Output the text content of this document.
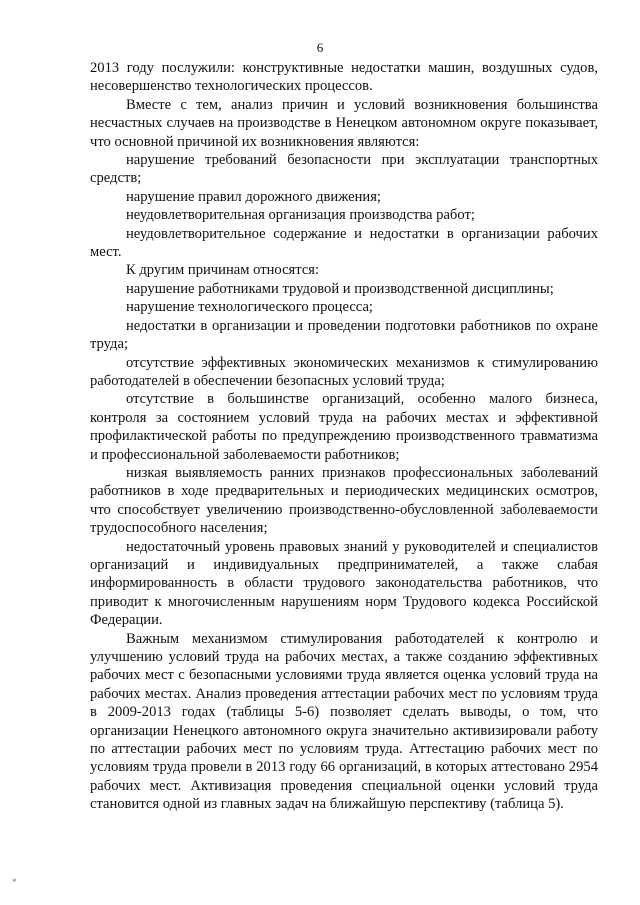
6

2013 году послужили: конструктивные недостатки машин, воздушных судов, несовершенство технологических процессов.

Вместе с тем, анализ причин и условий возникновения большинства несчастных случаев на производстве в Ненецком автономном округе показывает, что основной причиной их возникновения являются:

нарушение требований безопасности при эксплуатации транспортных средств;

нарушение правил дорожного движения;

неудовлетворительная организация производства работ;

неудовлетворительное содержание и недостатки в организации рабочих мест.

К другим причинам относятся:

нарушение работниками трудовой и производственной дисциплины;

нарушение технологического процесса;

недостатки в организации и проведении подготовки работников по охране труда;

отсутствие эффективных экономических механизмов к стимулированию работодателей в обеспечении безопасных условий труда;

отсутствие в большинстве организаций, особенно малого бизнеса, контроля за состоянием условий труда на рабочих местах и эффективной профилактической работы по предупреждению производственного травматизма и профессиональной заболеваемости работников;

низкая выявляемость ранних признаков профессиональных заболеваний работников в ходе предварительных и периодических медицинских осмотров, что способствует увеличению производственно-обусловленной заболеваемости трудоспособного населения;

недостаточный уровень правовых знаний у руководителей и специалистов организаций и индивидуальных предпринимателей, а также слабая информированность в области трудового законодательства работников, что приводит к многочисленным нарушениям норм Трудового кодекса Российской Федерации.

Важным механизмом стимулирования работодателей к контролю и улучшению условий труда на рабочих местах, а также созданию эффективных рабочих мест с безопасными условиями труда является оценка условий труда на рабочих местах. Анализ проведения аттестации рабочих мест по условиям труда в 2009-2013 годах (таблицы 5-6) позволяет сделать выводы, о том, что организации Ненецкого автономного округа значительно активизировали работу по аттестации рабочих мест по условиям труда. Аттестацию рабочих мест по условиям труда провели в 2013 году 66 организаций, в которых аттестовано 2954 рабочих мест. Активизация проведения специальной оценки условий труда становится одной из главных задач на ближайшую перспективу (таблица 5).

*
